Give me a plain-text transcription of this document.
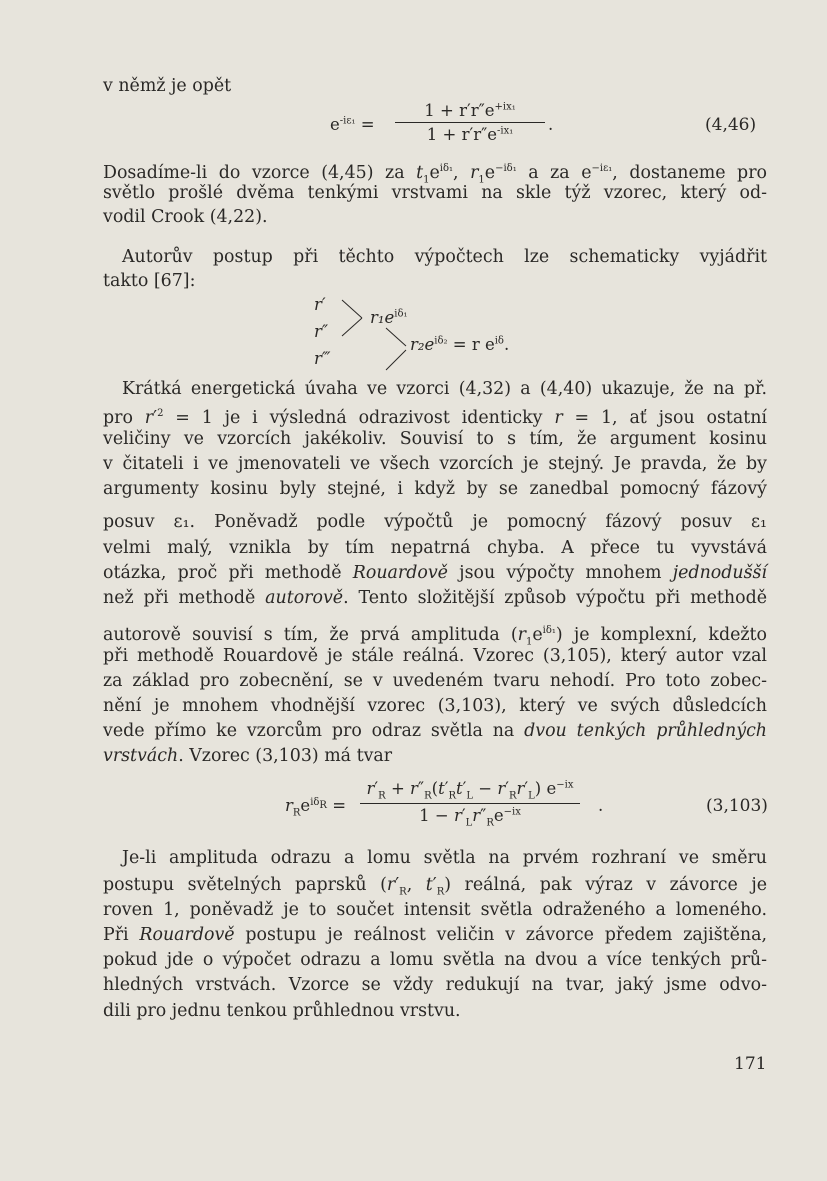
v němž je opět
$e^{-i\varepsilon_1}$ =
$1 + r'r''e^{+ix_1}$
$1 + r'r''e^{-ix_1}$	.	(4,46)
Dosadíme-li do vzorce (4,45) za $t_1e^{i\delta_1}$, $r_1e^{-i\delta_1}$ a za $e^{-i\varepsilon_1}$, dostaneme pro
světlo prošlé dvěma tenkými vrstvami na skle týž vzorec, který od-
vodil Crook (4,22).
Autorův postup při těchto výpočtech lze schematicky vyjádřit
takto [67]:
r′
r″
r‴
$r_1e^{i\delta_1}$
$r_2e^{i\delta_2} = r$ $e^{i\delta}$.
Krátká energetická úvaha ve vzorci (4,32) a (4,40) ukazuje, že na př.
pro $r'^2 = 1$ je i výsledná odrazivost identicky r = 1, ať jsou ostatní
veličiny ve vzorcích jakékoliv. Souvisí to s tím, že argument kosinu
v čitateli i ve jmenovateli ve všech vzorcích je stejný. Je pravda, že by
argumenty kosinu byly stejné, i když by se zanedbal pomocný fázový
posuv ε₁. Poněvadž podle výpočtů je pomocný fázový posuv ε₁
velmi malý, vznikla by tím nepatrná chyba. A přece tu vyvstává
otázka, proč při methodě Rouardově jsou výpočty mnohem jednodušší
než při methodě autorově. Tento složitější způsob výpočtu při methodě
autorově souvisí s tím, že prvá amplituda $(r_1e^{i\delta_1})$ je komplexní, kdežto
při methodě Rouardově je stále reálná. Vzorec (3,105), který autor vzal
za základ pro zobecnění, se v uvedeném tvaru nehodí. Pro toto zobec-
nění je mnohem vhodnější vzorec (3,103), který ve svých důsledcích
vede přímo ke vzorcům pro odraz světla na dvou tenkých průhledných
vrstvách. Vzorec (3,103) má tvar
$r_Re^{i\delta_R}$ =
$r'_R + r''_R(t'_Rt'_L - r'_Rr'_L)$ $e^{-ix}$
$1 - r'_Lr''_Re^{-ix}$	.	(3,103)
Je-li amplituda odrazu a lomu světla na prvém rozhraní ve směru
postupu světelných paprsků ($r'_R$, $t'_R$) reálná, pak výraz v závorce je
roven 1, poněvadž je to součet intensit světla odraženého a lomeného.
Při Rouardově postupu je reálnost veličin v závorce předem zajištěna,
pokud jde o výpočet odrazu a lomu světla na dvou a více tenkých prů-
hledných vrstvách. Vzorce se vždy redukují na tvar, jaký jsme odvo-
dili pro jednu tenkou průhlednou vrstvu.
171
